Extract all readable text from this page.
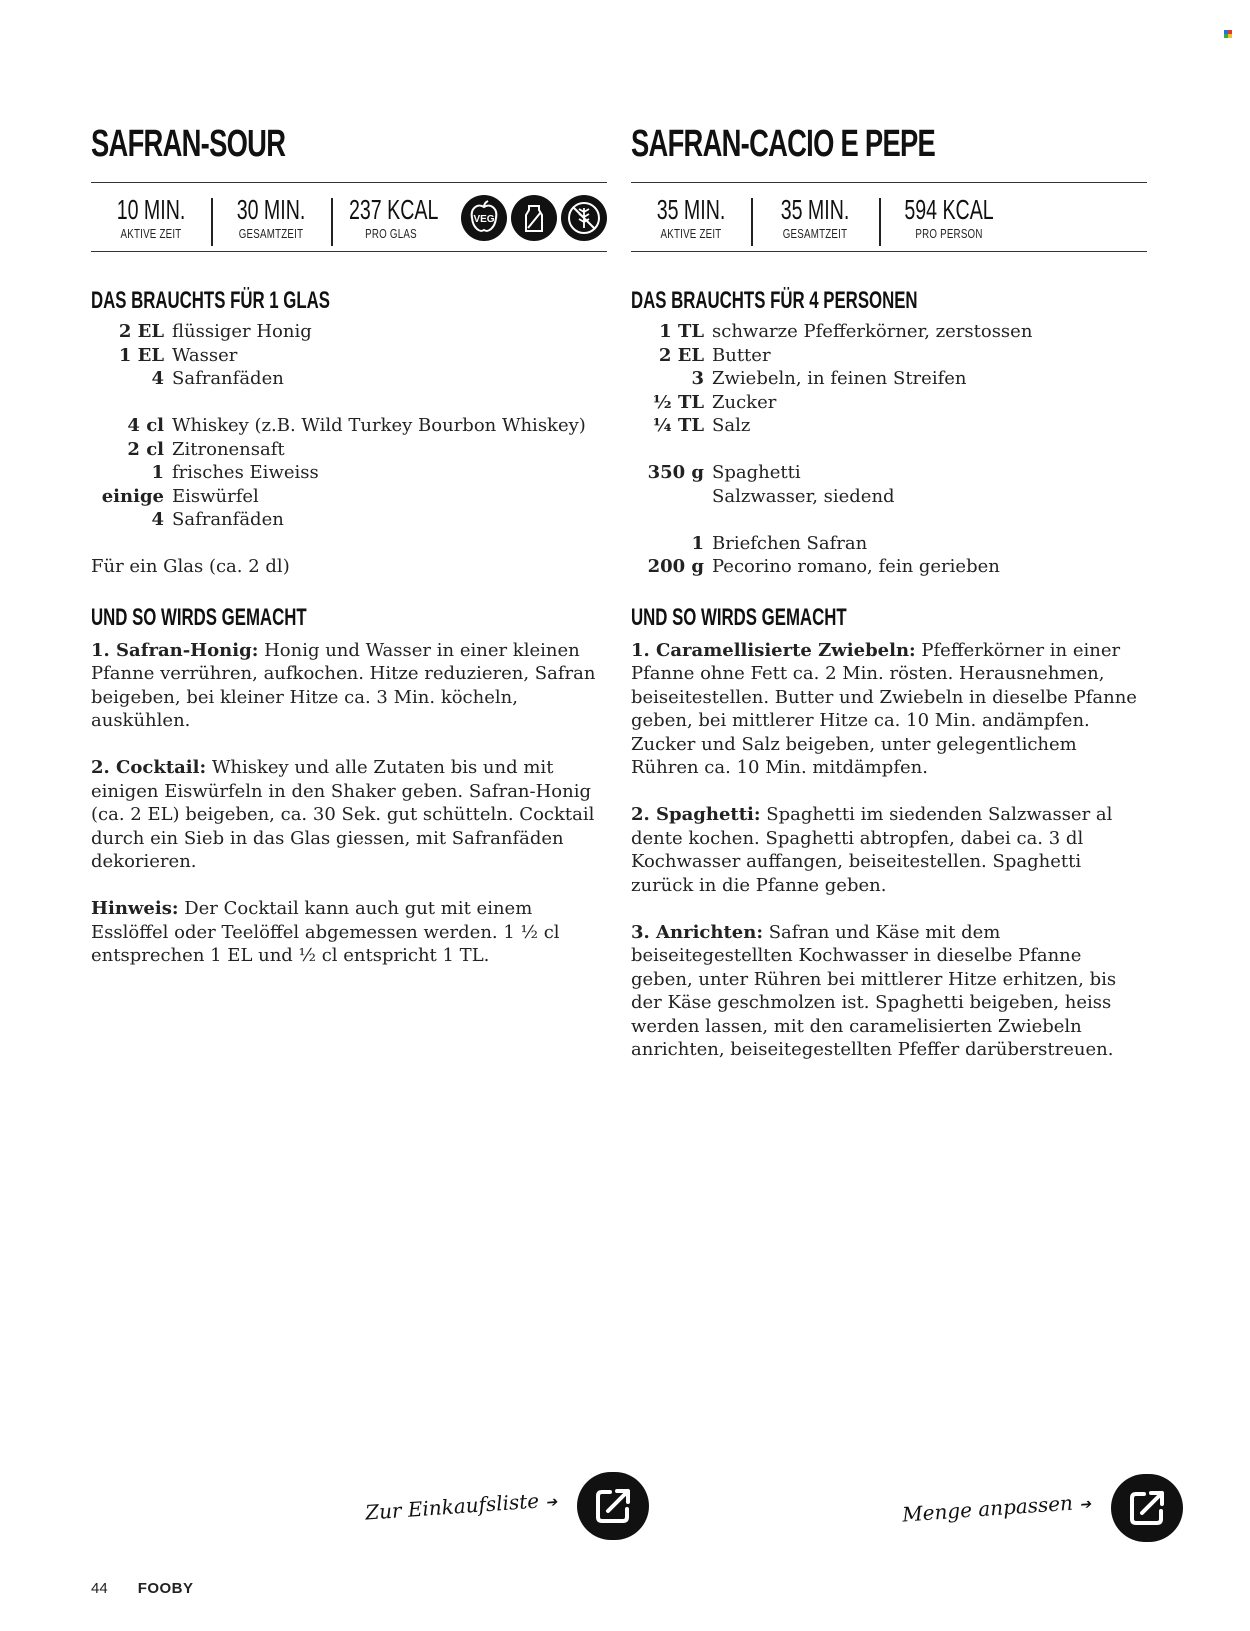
SAFRAN-SOUR
10 MIN.
AKTIVE ZEIT
30 MIN.
GESAMTZEIT
237 KCAL
PRO GLAS
VEG
DAS BRAUCHTS FÜR 1 GLAS
2 EL flüssiger Honig
1 EL Wasser
4 Safranfäden
4 cl Whiskey (z.B. Wild Turkey Bourbon Whiskey)
2 cl Zitronensaft
1 frisches Eiweiss
einige Eiswürfel
4 Safranfäden
Für ein Glas (ca. 2 dl)
UND SO WIRDS GEMACHT

1. Safran-Honig: Honig und Wasser in einer kleinen Pfanne verrühren, aufkochen. Hitze reduzieren, Safran beigeben, bei kleiner Hitze ca. 3 Min. köcheln, auskühlen.

2. Cocktail: Whiskey und alle Zutaten bis und mit einigen Eiswürfeln in den Shaker geben. Safran-Honig (ca. 2 EL) beigeben, ca. 30 Sek. gut schütteln. Cocktail durch ein Sieb in das Glas giessen, mit Safranfäden dekorieren.

Hinweis: Der Cocktail kann auch gut mit einem Esslöffel oder Teelöffel abgemessen werden. 1 ½ cl entsprechen 1 EL und ½ cl entspricht 1 TL.

SAFRAN-CACIO E PEPE
35 MIN.
AKTIVE ZEIT
35 MIN.
GESAMTZEIT
594 KCAL
PRO PERSON
DAS BRAUCHTS FÜR 4 PERSONEN
1 TL schwarze Pfefferkörner, zerstossen
2 EL Butter
3 Zwiebeln, in feinen Streifen
½ TL Zucker
¼ TL Salz
350 g Spaghetti
Salzwasser, siedend
1 Briefchen Safran
200 g Pecorino romano, fein gerieben
UND SO WIRDS GEMACHT

1. Caramellisierte Zwiebeln: Pfefferkörner in einer Pfanne ohne Fett ca. 2 Min. rösten. Herausnehmen, beiseitestellen. Butter und Zwiebeln in dieselbe Pfanne geben, bei mittlerer Hitze ca. 10 Min. andämpfen. Zucker und Salz beigeben, unter gelegentlichem Rühren ca. 10 Min. mitdämpfen.

2. Spaghetti: Spaghetti im siedenden Salzwasser al dente kochen. Spaghetti abtropfen, dabei ca. 3 dl Kochwasser auffangen, beiseitestellen. Spaghetti zurück in die Pfanne geben.

3. Anrichten: Safran und Käse mit dem beiseitegestellten Kochwasser in dieselbe Pfanne geben, unter Rühren bei mittlerer Hitze erhitzen, bis der Käse geschmolzen ist. Spaghetti beigeben, heiss werden lassen, mit den caramelisierten Zwiebeln anrichten, beiseitegestellten Pfeffer darüberstreuen.

Zur Einkaufsliste ➔	Menge anpassen ➔
44 FOOBY
